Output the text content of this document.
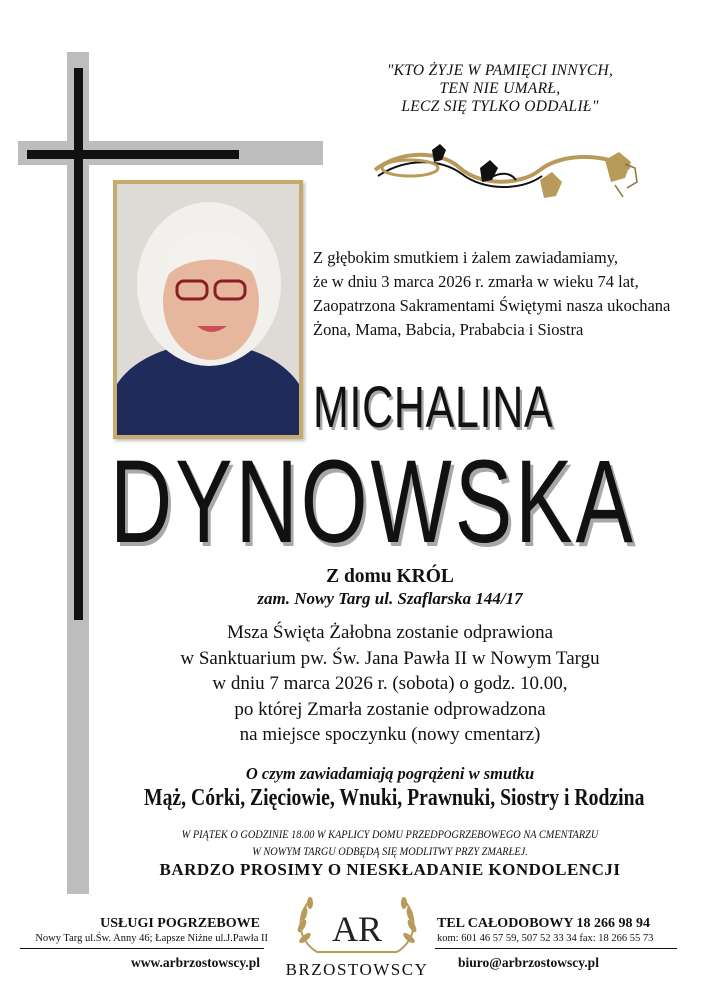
"KTO ŻYJE W PAMIĘCI INNYCH,
TEN NIE UMARŁ,
LECZ SIĘ TYLKO ODDALIŁ"
Z głębokim smutkiem i żalem zawiadamiamy,
że w dniu 3 marca 2026 r. zmarła w wieku 74 lat,
Zaopatrzona Sakramentami Świętymi nasza ukochana
Żona, Mama, Babcia, Prababcia i Siostra
MICHALINA
DYNOWSKA
Z domu KRÓL
zam. Nowy Targ ul. Szaflarska 144/17
Msza Święta Żałobna zostanie odprawiona
w Sanktuarium pw. Św. Jana Pawła II w Nowym Targu
w dniu 7 marca 2026 r. (sobota) o godz. 10.00,
po której Zmarła zostanie odprowadzona
na miejsce spoczynku (nowy cmentarz)
O czym zawiadamiają pogrążeni w smutku
Mąż, Córki, Zięciowie, Wnuki, Prawnuki, Siostry i Rodzina
W PIĄTEK O GODZINIE 18.00 W KAPLICY DOMU PRZEDPOGRZEBOWEGO NA CMENTARZU
W NOWYM TARGU ODBĘDĄ SIĘ MODLITWY PRZY ZMARŁEJ.
BARDZO PROSIMY O NIESKŁADANIE KONDOLENCJI
USŁUGI POGRZEBOWE
Nowy Targ ul.Św. Anny 46; Łapsze Niżne ul.J.Pawła II
www.arbrzostowscy.pl
TEL CAŁODOBOWY 18 266 98 94
kom: 601 46 57 59, 507 52 33 34 fax: 18 266 55 73
biuro@arbrzostowscy.pl
AR
BRZOSTOWSCY
